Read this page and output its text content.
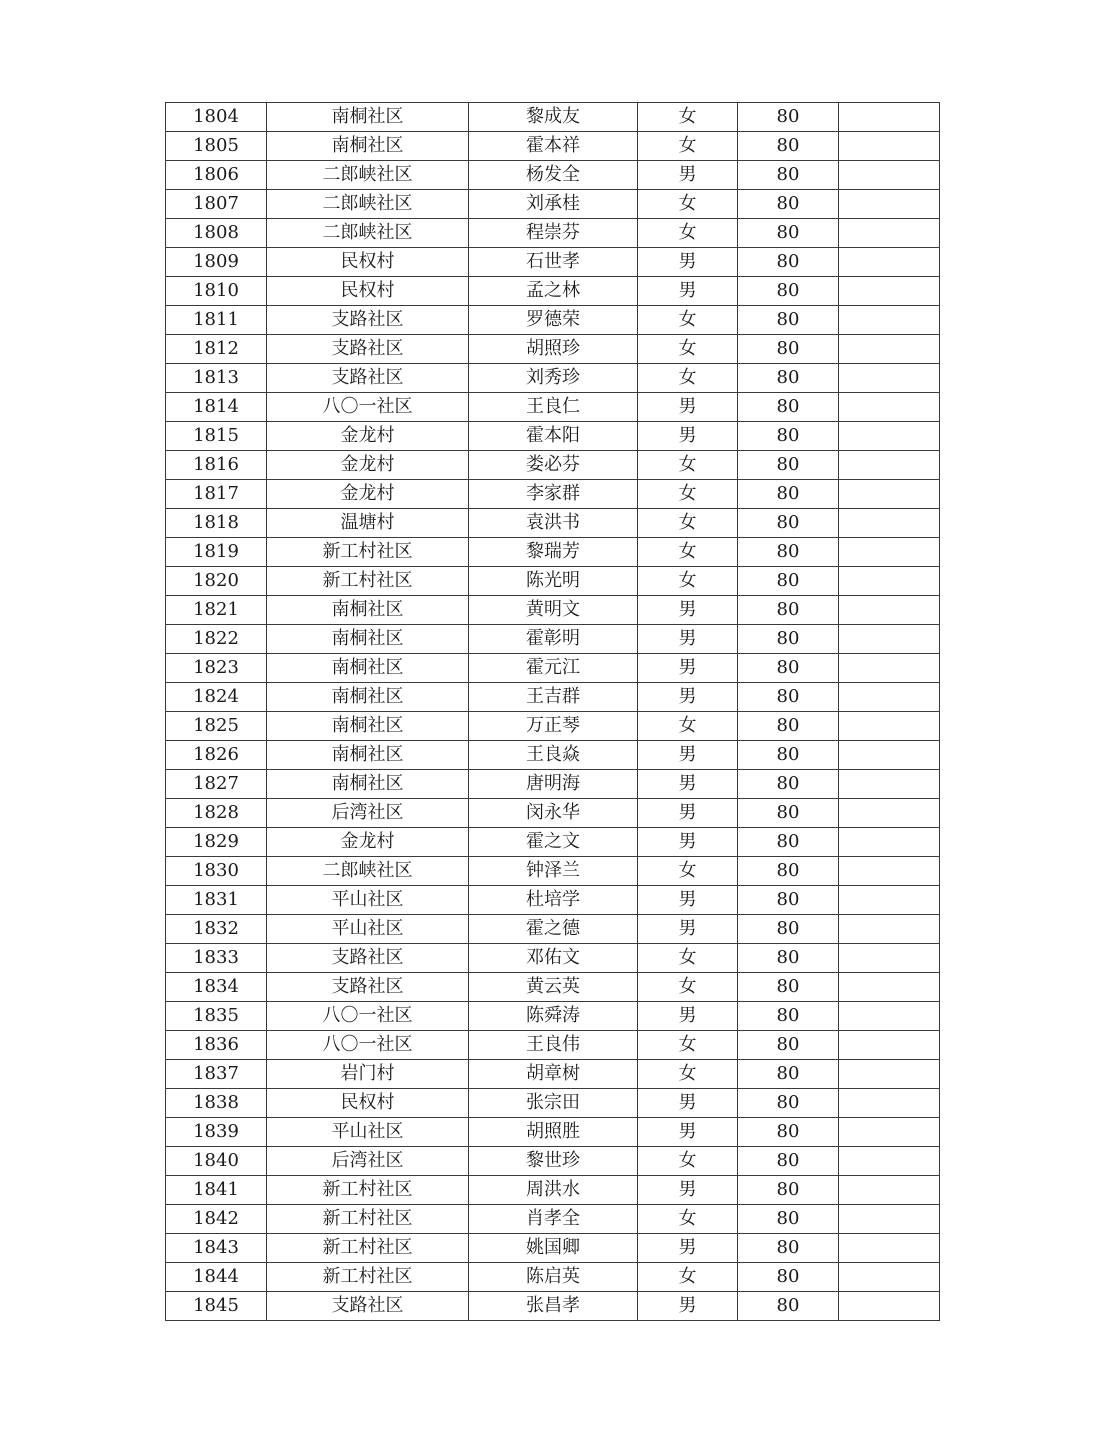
1804	南桐社区	黎成友	女	80	
1805	南桐社区	霍本祥	女	80	
1806	二郎峡社区	杨发全	男	80	
1807	二郎峡社区	刘承桂	女	80	
1808	二郎峡社区	程崇芬	女	80	
1809	民权村	石世孝	男	80	
1810	民权村	孟之林	男	80	
1811	支路社区	罗德荣	女	80	
1812	支路社区	胡照珍	女	80	
1813	支路社区	刘秀珍	女	80	
1814	八〇一社区	王良仁	男	80	
1815	金龙村	霍本阳	男	80	
1816	金龙村	娄必芬	女	80	
1817	金龙村	李家群	女	80	
1818	温塘村	袁洪书	女	80	
1819	新工村社区	黎瑞芳	女	80	
1820	新工村社区	陈光明	女	80	
1821	南桐社区	黄明文	男	80	
1822	南桐社区	霍彰明	男	80	
1823	南桐社区	霍元江	男	80	
1824	南桐社区	王吉群	男	80	
1825	南桐社区	万正琴	女	80	
1826	南桐社区	王良焱	男	80	
1827	南桐社区	唐明海	男	80	
1828	后湾社区	闵永华	男	80	
1829	金龙村	霍之文	男	80	
1830	二郎峡社区	钟泽兰	女	80	
1831	平山社区	杜培学	男	80	
1832	平山社区	霍之德	男	80	
1833	支路社区	邓佑文	女	80	
1834	支路社区	黄云英	女	80	
1835	八〇一社区	陈舜涛	男	80	
1836	八〇一社区	王良伟	女	80	
1837	岩门村	胡章树	女	80	
1838	民权村	张宗田	男	80	
1839	平山社区	胡照胜	男	80	
1840	后湾社区	黎世珍	女	80	
1841	新工村社区	周洪水	男	80	
1842	新工村社区	肖孝全	女	80	
1843	新工村社区	姚国卿	男	80	
1844	新工村社区	陈启英	女	80	
1845	支路社区	张昌孝	男	80	
